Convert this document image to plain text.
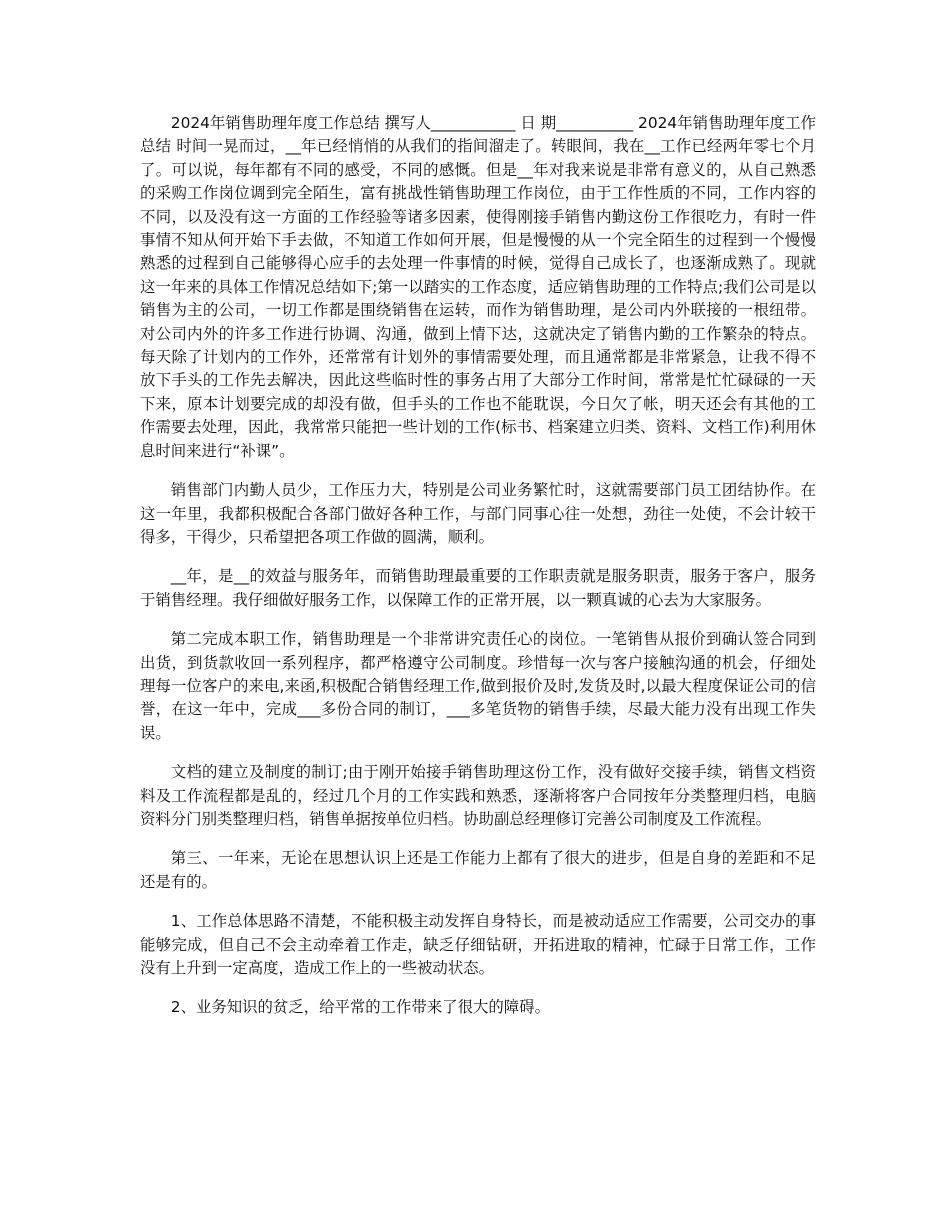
2024年销售助理年度工作总结 撰写人___________ 日 期__________ 2024年销售助理年度工作总结 时间一晃而过，__年已经悄悄的从我们的指间溜走了。转眼间，我在__工作已经两年零七个月了。可以说，每年都有不同的感受，不同的感慨。但是__年对我来说是非常有意义的，从自己熟悉的采购工作岗位调到完全陌生，富有挑战性销售助理工作岗位，由于工作性质的不同，工作内容的不同，以及没有这一方面的工作经验等诸多因素，使得刚接手销售内勤这份工作很吃力，有时一件事情不知从何开始下手去做，不知道工作如何开展，但是慢慢的从一个完全陌生的过程到一个慢慢熟悉的过程到自己能够得心应手的去处理一件事情的时候，觉得自己成长了，也逐渐成熟了。现就这一年来的具体工作情况总结如下;第一以踏实的工作态度，适应销售助理的工作特点;我们公司是以销售为主的公司，一切工作都是围绕销售在运转，而作为销售助理，是公司内外联接的一根纽带。对公司内外的许多工作进行协调、沟通，做到上情下达，这就决定了销售内勤的工作繁杂的特点。每天除了计划内的工作外，还常常有计划外的事情需要处理，而且通常都是非常紧急，让我不得不放下手头的工作先去解决，因此这些临时性的事务占用了大部分工作时间，常常是忙忙碌碌的一天下来，原本计划要完成的却没有做，但手头的工作也不能耽误，今日欠了帐，明天还会有其他的工作需要去处理，因此，我常常只能把一些计划的工作(标书、档案建立归类、资料、文档工作)利用休息时间来进行“补课”。

销售部门内勤人员少，工作压力大，特别是公司业务繁忙时，这就需要部门员工团结协作。在这一年里，我都积极配合各部门做好各种工作，与部门同事心往一处想，劲往一处使，不会计较干得多，干得少，只希望把各项工作做的圆满，顺利。

__年，是__的效益与服务年，而销售助理最重要的工作职责就是服务职责，服务于客户，服务于销售经理。我仔细做好服务工作，以保障工作的正常开展，以一颗真诚的心去为大家服务。

第二完成本职工作，销售助理是一个非常讲究责任心的岗位。一笔销售从报价到确认签合同到出货，到货款收回一系列程序，都严格遵守公司制度。珍惜每一次与客户接触沟通的机会，仔细处理每一位客户的来电,来函,积极配合销售经理工作,做到报价及时,发货及时,以最大程度保证公司的信誉，在这一年中，完成___多份合同的制订，___多笔货物的销售手续，尽最大能力没有出现工作失误。

文档的建立及制度的制订;由于刚开始接手销售助理这份工作，没有做好交接手续，销售文档资料及工作流程都是乱的，经过几个月的工作实践和熟悉，逐渐将客户合同按年分类整理归档，电脑资料分门别类整理归档，销售单据按单位归档。协助副总经理修订完善公司制度及工作流程。

第三、一年来，无论在思想认识上还是工作能力上都有了很大的进步，但是自身的差距和不足还是有的。

1、工作总体思路不清楚，不能积极主动发挥自身特长，而是被动适应工作需要，公司交办的事能够完成，但自己不会主动牵着工作走，缺乏仔细钻研，开拓进取的精神，忙碌于日常工作，工作没有上升到一定高度，造成工作上的一些被动状态。

2、业务知识的贫乏，给平常的工作带来了很大的障碍。
